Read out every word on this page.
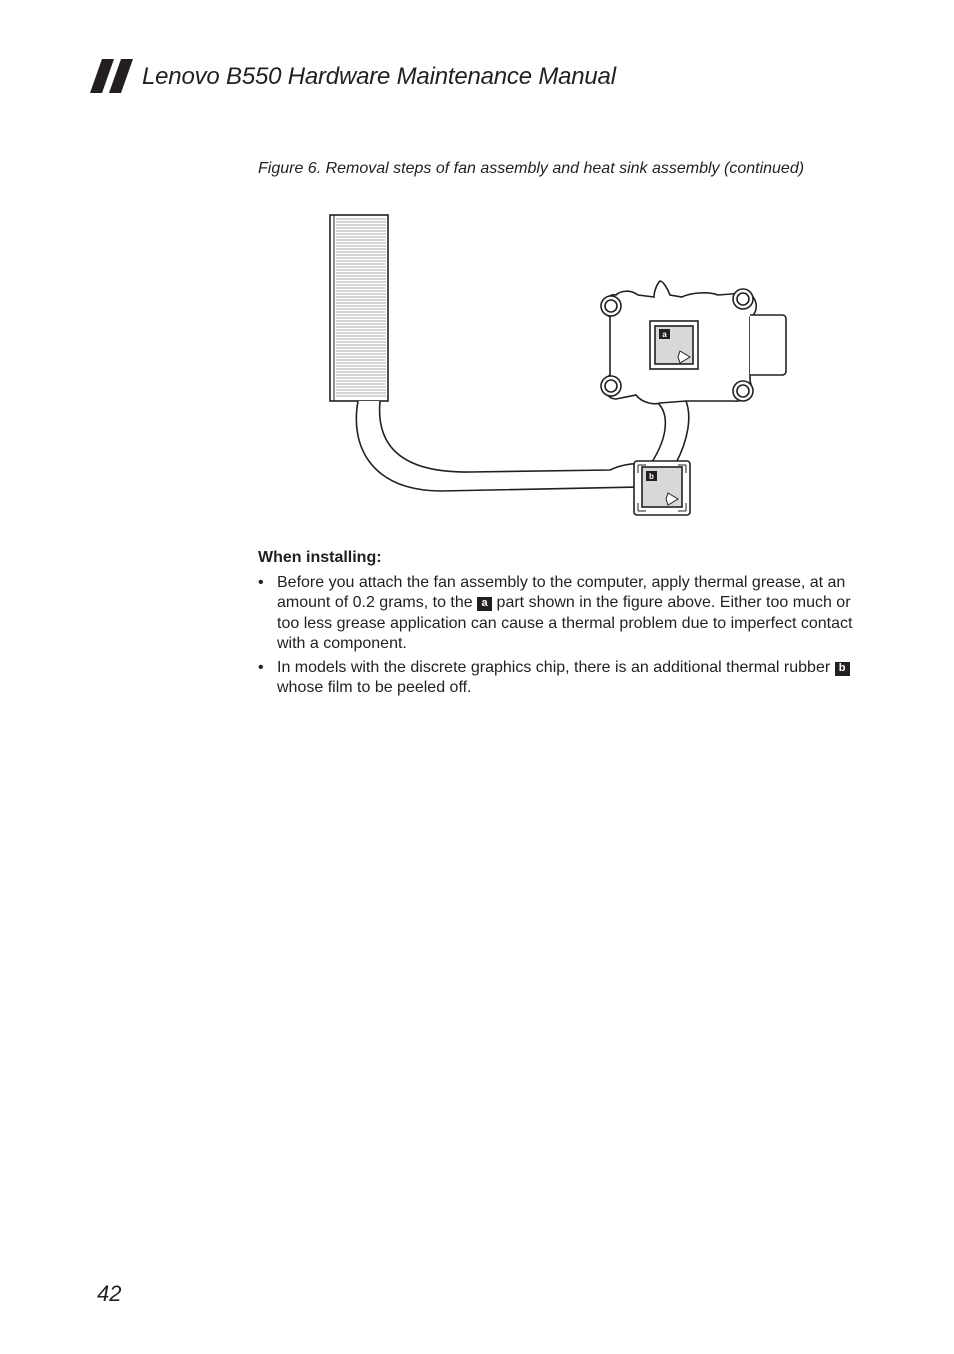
Lenovo B550 Hardware Maintenance Manual
Figure 6. Removal steps of fan assembly and heat sink assembly (continued)
a
b
When installing:
• Before you attach the fan assembly to the computer, apply thermal grease, at an amount of 0.2 grams, to the a part shown in the figure above. Either too much or too less grease application can cause a thermal problem due to imperfect contact with a component.
• In models with the discrete graphics chip, there is an additional thermal rubber b whose film to be peeled off.
42
